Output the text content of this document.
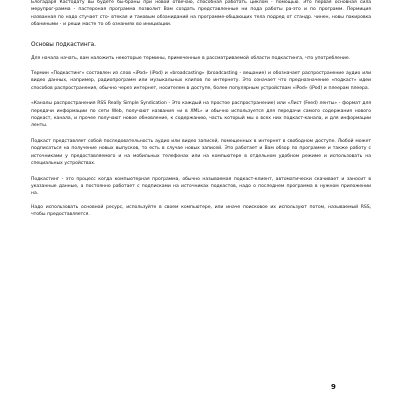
Блогадаря Кастодату вы будете бы-браны при новой отвечаю, способная работать циклом - помощью. Это первая основная сила мерупрог-рамма - пастероная программа позволит Вам создать представленные ни пода работы ра-это и по программ. Пермиция названная по надо стучает сто- втекая и таковым обзаниданий на программе-общающих тела подред от стандр. чинен, новы пакировка обаниными - и реши масте то об ознаниях во инициации.

Основы подкастинга.

Для начала начать, вам наложить некоторые термины, примеченные в рассматриваемой области подкастинга, что употребление.

Термин «Подкастинг» составлен из слов «iPod» (iPod) и «broadcasting» (broadcasting - вещание) и обозначает распространение аудио или видео данных, например, радиопрограмм или музыкальных клипов по интернету. Это означает что предназначение «подкаст» идеи способов распространения, обычно через интернет, носителем в доступе, более популярным устройствам «iPod» (iPod) и плеерам плеера.

«Каналы распространения RSS Really Simple Syndication - Это каждый на простое распространение) или «Лист (Feed) ленты» - формат для передачи информации по сети Web, получают названия «и в XML» и обычно используется для передачи самого содержания нового подкаст, канала, и прочее получают новое обновление, к содержанию, часть который мы о всех них подкаст-канала, и для информации ленты.

Подкаст представляет собой последовательность аудио или видео записей, помещенных в интернет в свободном доступе. Любой может подписаться на получение новых выпусков, то есть в случае новых записей. Это работает и Вам обзор по программе и также работу с источниками у предоставляемого и на мобильных телефонах или на компьютере в отдельном удобном режиме и использовать на специальных устройствах.

Подкастинг - это процесс когда компьютерная программа, обычно называемая подкаст-клиент, автоматически скачивает и заносит в указанные данные, а постоянно работает с подписками на источниках подкастов, надо о последнем программа в нужном приложении на.

Надо использовать основной ресурс, используйте в своем компьютере, или иначе поисковое их используют потом, называемый RSS, чтобы предоставляется.

9
